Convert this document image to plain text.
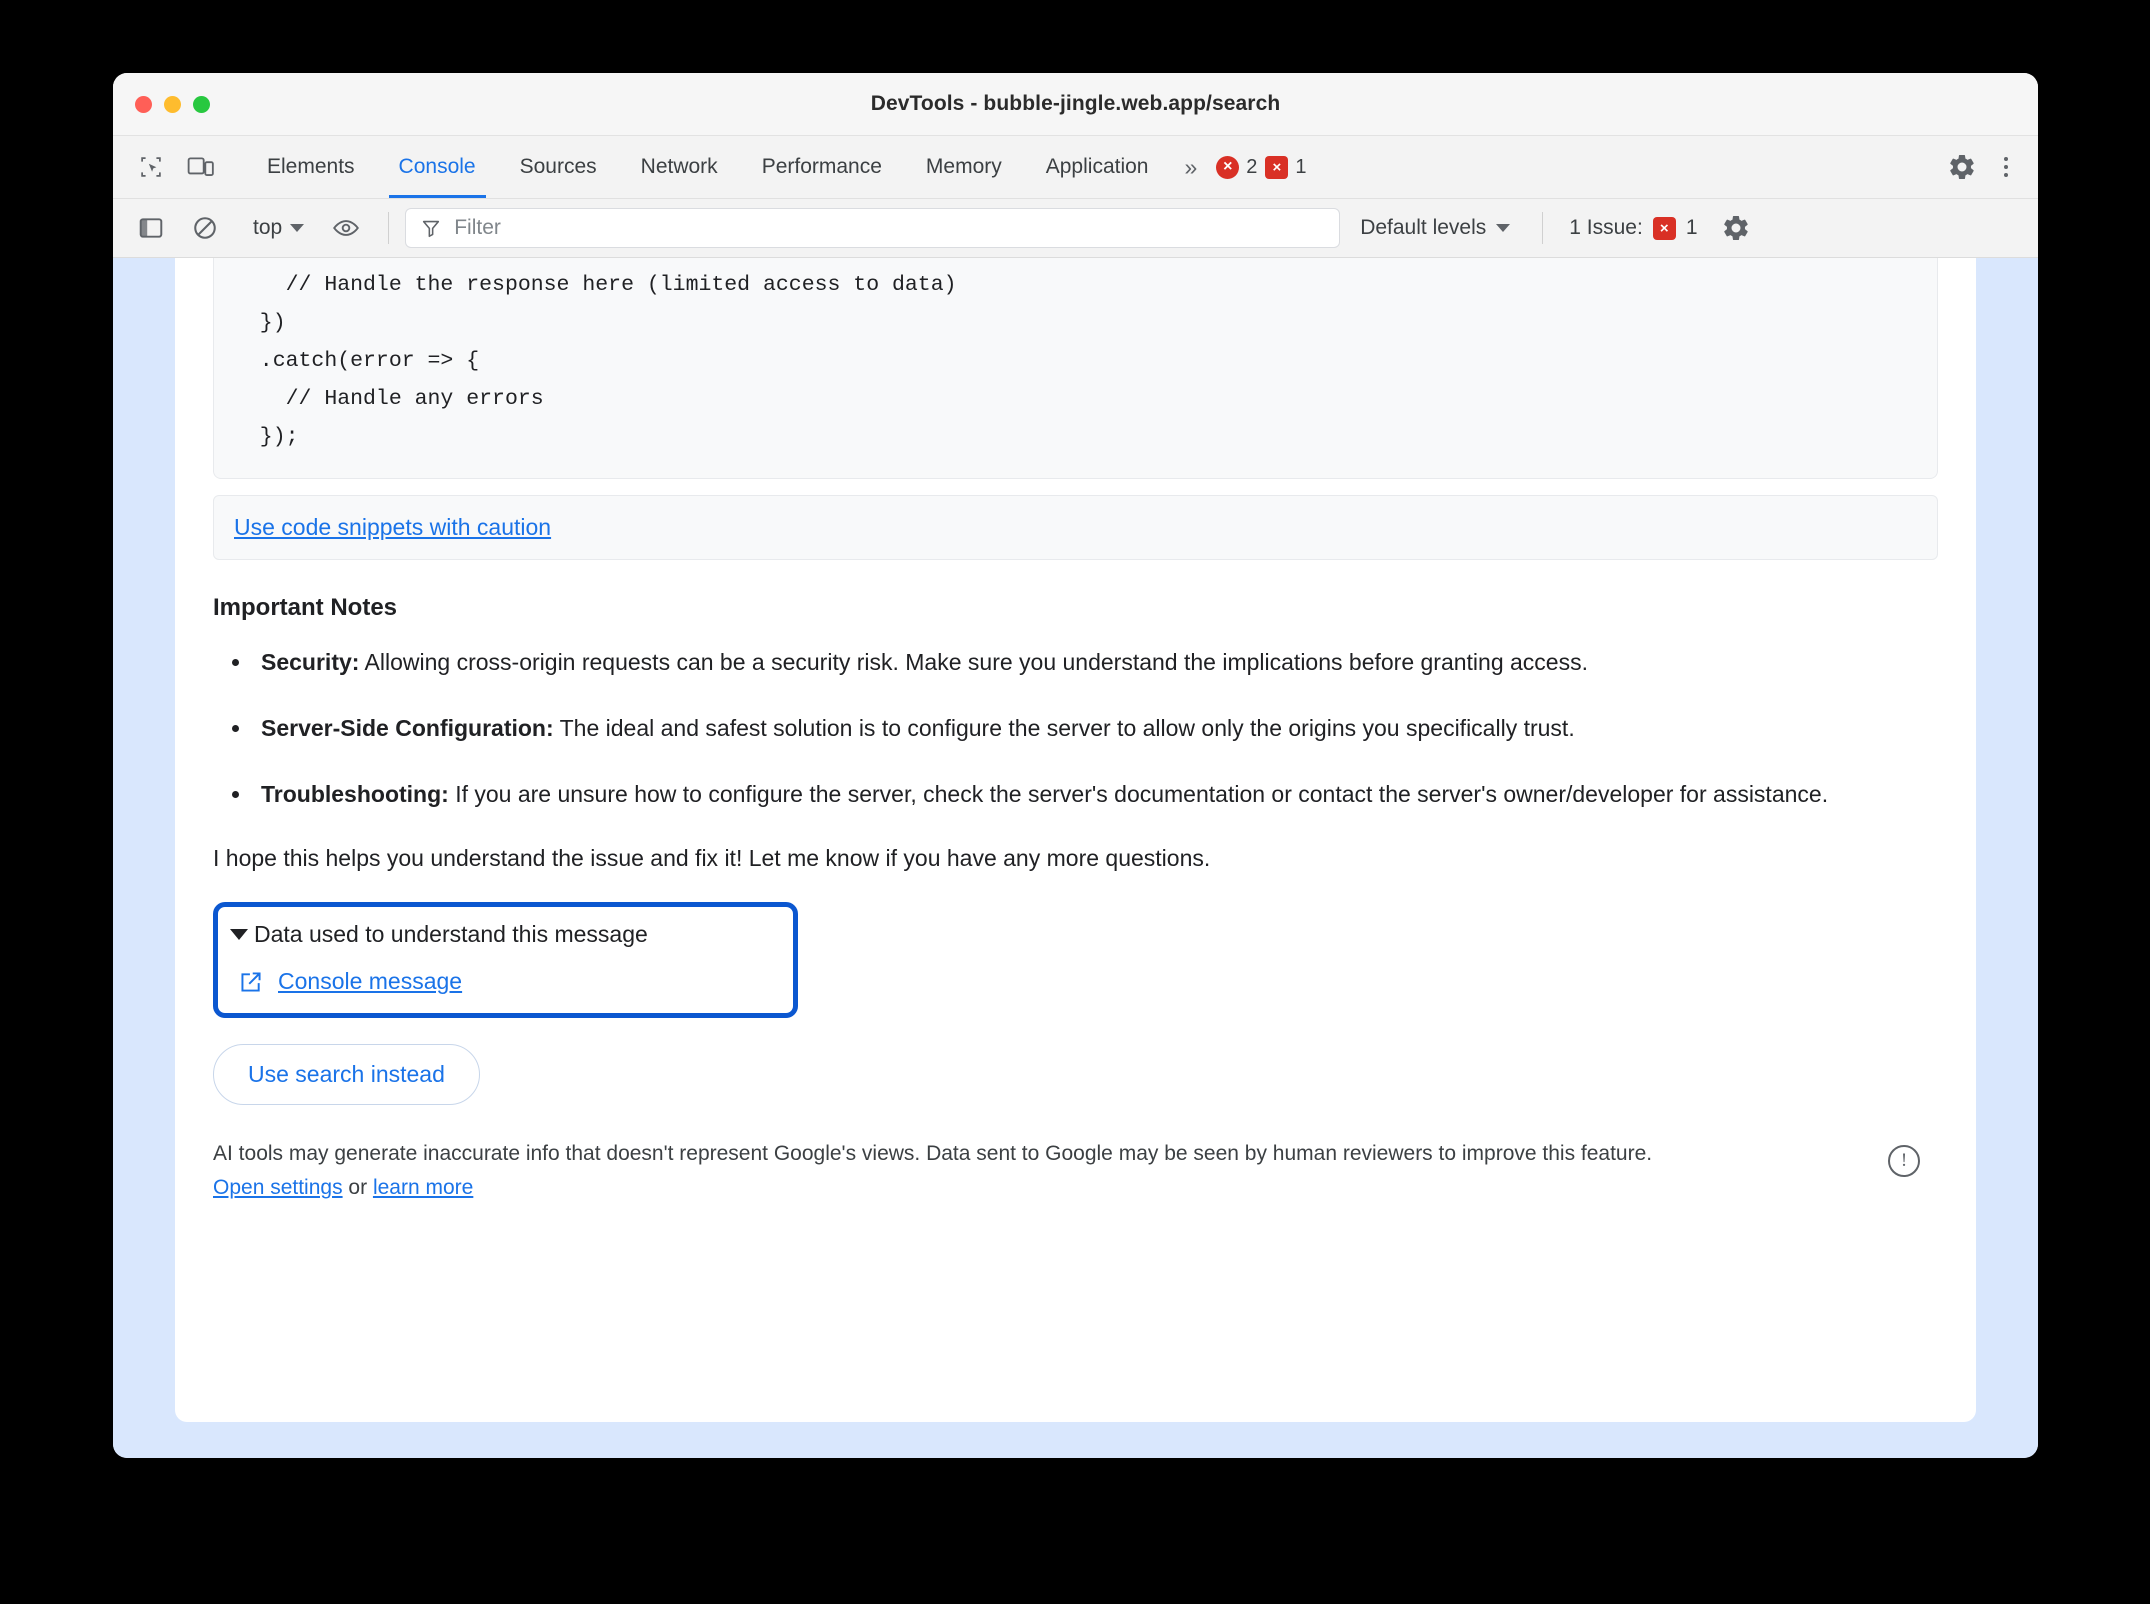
DevTools - bubble-jingle.web.app/search
Elements	Console	Sources	Network	Performance	Memory	Application	»	× 2	× 1
top	Filter	Default levels	1 Issue:	× 1
// Handle the response here (limited access to data)
})
.catch(error => {
// Handle any errors
});
Use code snippets with caution
Important Notes
• Security: Allowing cross-origin requests can be a security risk. Make sure you understand the implications before granting access.
• Server-Side Configuration: The ideal and safest solution is to configure the server to allow only the origins you specifically trust.
• Troubleshooting: If you are unsure how to configure the server, check the server's documentation or contact the server's owner/developer for assistance.

I hope this helps you understand the issue and fix it! Let me know if you have any more questions.

Data used to understand this message
Console message
Use search instead

AI tools may generate inaccurate info that doesn't represent Google's views. Data sent to Google may be seen by human reviewers to improve this feature. Open settings or learn more

!
